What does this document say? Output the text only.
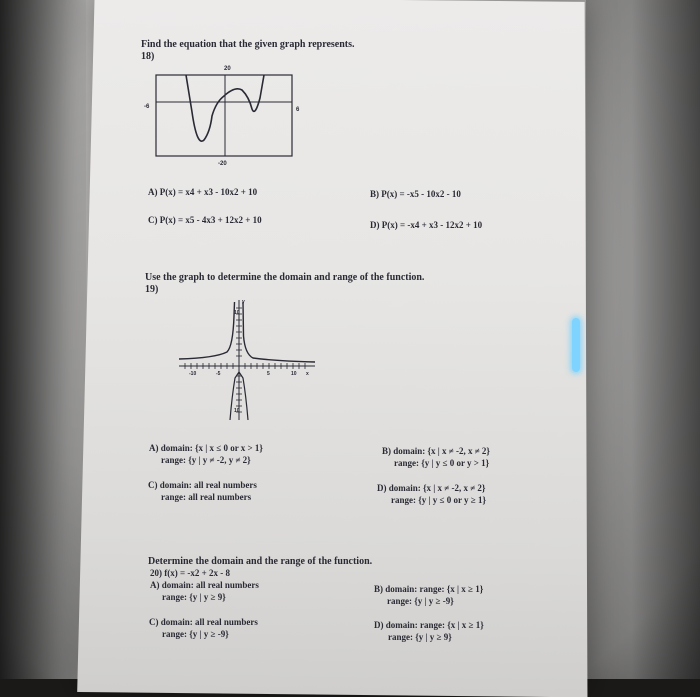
Find the equation that the given graph represents.
18)
20
-6	6
-20
A) P(x) = x4 + x3 - 10x2 + 10	B) P(x) = -x5 - 10x2 - 10
C) P(x) = x5 - 4x3 + 12x2 + 10	D) P(x) = -x4 + x3 - 12x2 + 10
Use the graph to determine the domain and range of the function.
19)
10
10
-10	-5	5	10 x
y
A) domain: {x | x ≤ 0 or x > 1}
range: {y | y ≠ -2, y ≠ 2}
B) domain: {x | x ≠ -2, x ≠ 2}
range: {y | y ≤ 0 or y > 1}
C) domain: all real numbers
range: all real numbers
D) domain: {x | x ≠ -2, x ≠ 2}
range: {y | y ≤ 0 or y ≥ 1}
Determine the domain and the range of the function.
20) f(x) = -x2 + 2x - 8
A) domain: all real numbers
range: {y | y ≥ 9}
B) domain: range: {x | x ≥ 1}
range: {y | y ≥ -9}
C) domain: all real numbers
range: {y | y ≥ -9}
D) domain: range: {x | x ≥ 1}
range: {y | y ≥ 9}
